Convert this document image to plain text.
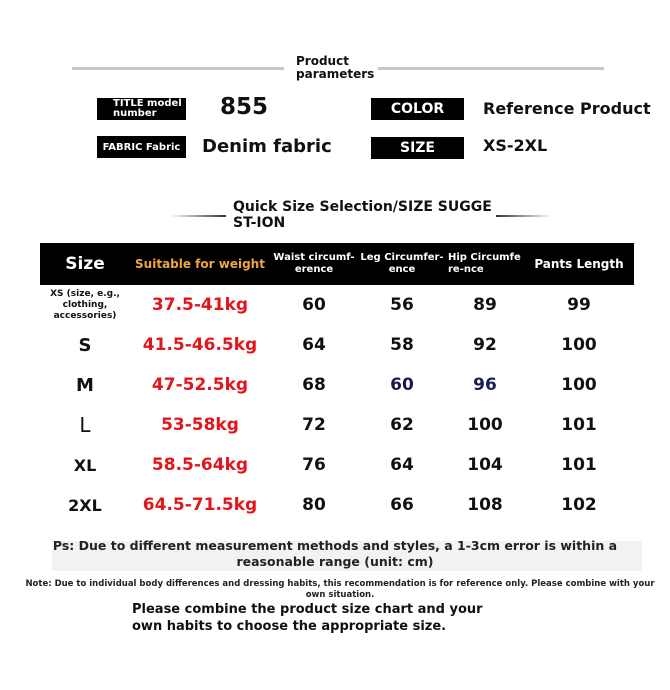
Product parameters
TITLE model number	855
FABRIC Fabric Denim fabric
COLOR Reference Product
SIZE	XS-2XL
Quick Size Selection/SIZE SUGGEST-ION
Size	Suitable for weight	Waist circumf-erence	Leg Circumfer-ence	Hip Circumfere-nce	Pants Length
XS (size, e.g., clothing, accessories)	37.5-41kg	60	56	89	99
S	41.5-46.5kg	64	58	92	100
M	47-52.5kg	68	60	96	100
L	53-58kg	72	62	100	101
XL	58.5-64kg	76	64	104	101
2XL	64.5-71.5kg	80	66	108	102
Ps: Due to different measurement methods and styles, a 1-3cm error is within a reasonable range (unit: cm)
Note: Due to individual body differences and dressing habits, this recommendation is for reference only. Please combine with your own situation.
Please combine the product size chart and your own habits to choose the appropriate size.
